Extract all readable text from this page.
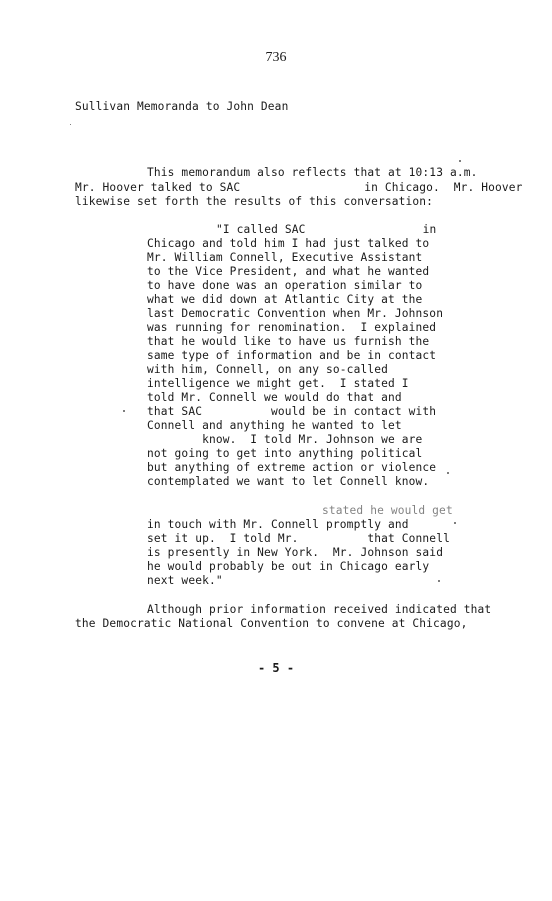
736
Sullivan Memoranda to John Dean
This memorandum also reflects that at 10:13 a.m.
Mr. Hoover talked to SAC                  in Chicago.  Mr. Hoover
likewise set forth the results of this conversation:
"I called SAC                 in
Chicago and told him I had just talked to
Mr. William Connell, Executive Assistant
to the Vice President, and what he wanted
to have done was an operation similar to
what we did down at Atlantic City at the
last Democratic Convention when Mr. Johnson
was running for renomination.  I explained
that he would like to have us furnish the
same type of information and be in contact
with him, Connell, on any so-called
intelligence we might get.  I stated I
told Mr. Connell we would do that and
that SAC          would be in contact with
Connell and anything he wanted to let
know.  I told Mr. Johnson we are
not going to get into anything political
but anything of extreme action or violence
contemplated we want to let Connell know.
stated he would get
in touch with Mr. Connell promptly and
set it up.  I told Mr.          that Connell
is presently in New York.  Mr. Johnson said
he would probably be out in Chicago early
next week."
Although prior information received indicated that
the Democratic National Convention to convene at Chicago,
- 5 -
